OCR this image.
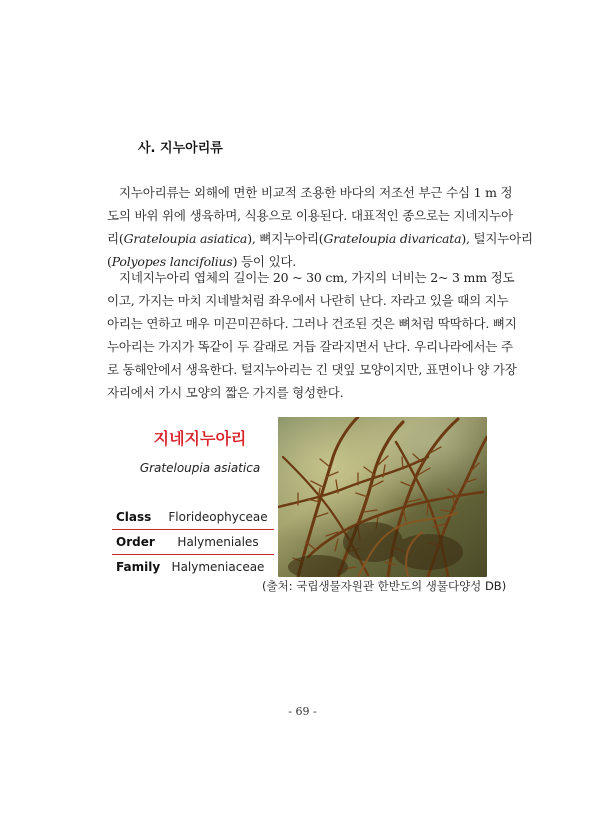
사. 지누아리류
지누아리류는 외해에 면한 비교적 조용한 바다의 저조선 부근 수심 1 m 정
도의 바위 위에 생육하며, 식용으로 이용된다. 대표적인 종으로는 지네지누아
리(Grateloupia asiatica), 뼈지누아리(Grateloupia divaricata), 털지누아리
(Polyopes lancifolius) 등이 있다.
지네지누아리 엽체의 길이는 20 ~ 30 cm, 가지의 너비는 2~ 3 mm 정도
이고, 가지는 마치 지네발처럼 좌우에서 나란히 난다. 자라고 있을 때의 지누
아리는 연하고 매우 미끈미끈하다. 그러나 건조된 것은 뼈처럼 딱딱하다. 뼈지
누아리는 가지가 똑같이 두 갈래로 거듭 갈라지면서 난다. 우리나라에서는 주
로 동해안에서 생육한다. 털지누아리는 긴 댓잎 모양이지만, 표면이나 양 가장
자리에서 가시 모양의 짧은 가지를 형성한다.
지네지누아리
Grateloupia asiatica
Class	Florideophyceae
Order	Halymeniales
Family Halymeniaceae
(출처: 국립생물자원관 한반도의 생물다양성 DB)
- 69 -
